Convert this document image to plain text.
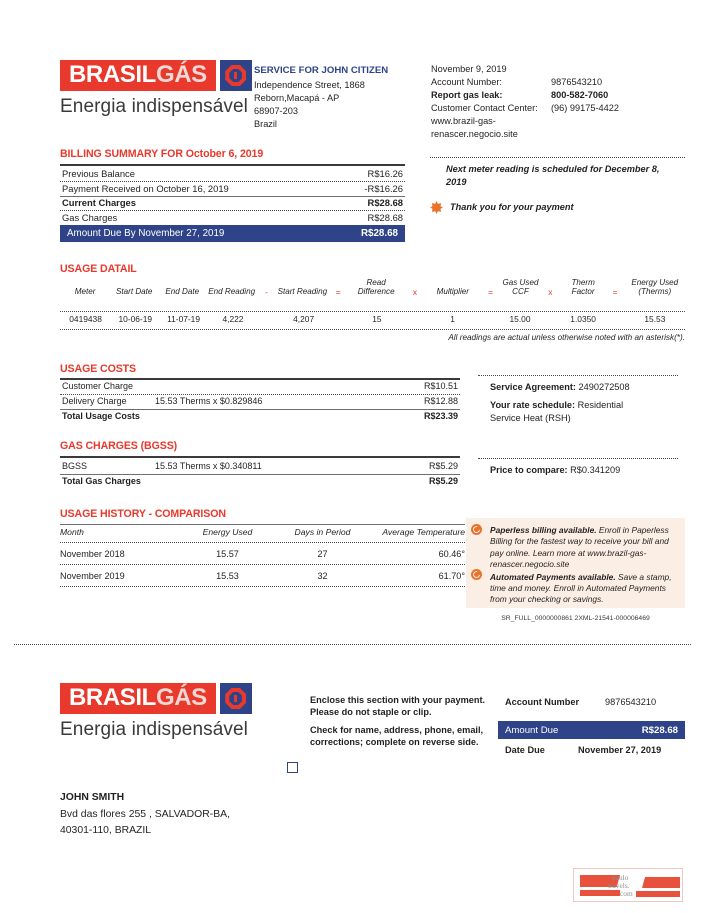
BRASIL GÁS
Energia indispensável
SERVICE FOR JOHN CITIZEN
Independence Street, 1868
Reborn,Macapá - AP
68907-203
Brazil
November 9, 2019
Account Number:	9876543210
Report gas leak:	800-582-7060
Customer Contact Center: (96) 99175-4422
www.brazil-gas-
renascer.negocio.site
BILLING SUMMARY FOR October 6, 2019
Previous Balance	R$16.26
Payment Received on October 16, 2019	-R$16.26
Current Charges	R$28.68
Gas Charges	R$28.68
Amount Due By November 27, 2019	R$28.68
Next meter reading is scheduled for December 8, 2019
Thank you for your payment
USAGE DATAIL
Meter	Start Date	End Date	End Reading	-	Start Reading	=	Read Difference	x	Multiplier	=	Gas Used CCF	x	Therm Factor	=	Energy Used (Therms)
0419438	10-06-19	11-07-19	4,222		4,207		15		1		15.00		1.0350		15.53
All readings are actual unless otherwise noted with an asterisk(*).
USAGE COSTS
Customer Charge	R$10.51
Delivery Charge	15.53 Therms x $0.829846	R$12.88
Total Usage Costs	R$23.39
GAS CHARGES (BGSS)
BGSS	15.53 Therms x $0.340811	R$5.29
Total Gas Charges	R$5.29
Service Agreement: 2490272508
Your rate schedule: Residential Service Heat (RSH)
Price to compare: R$0.341209
USAGE HISTORY - COMPARISON
Month	Energy Used	Days in Period	Average Temperature
November 2018	15.57	27	60.46°
November 2019	15.53	32	61.70°
Paperless billing available. Enroll in Paperless Billing for the fastest way to receive your bill and pay online. Learn more at www.brazil-gas-renascer.negocio.site
Automated Payments available. Save a stamp, time and money. Enroll in Automated Payments from your checking or savings.
SR_FULL_0000000861 2XML-21541-000006469
BRASIL GÁS
Energia indispensável
Enclose this section with your payment.
Please do not staple or clip.
Check for name, address, phone, email,
corrections; complete on reverse side.
Account Number	9876543210
Amount Due	R$28.68
Date Due	November 27, 2019
JOHN SMITH
Bvd das flores 255 , SALVADOR-BA,
40301-110, BRAZIL
paulo
travels.
com
